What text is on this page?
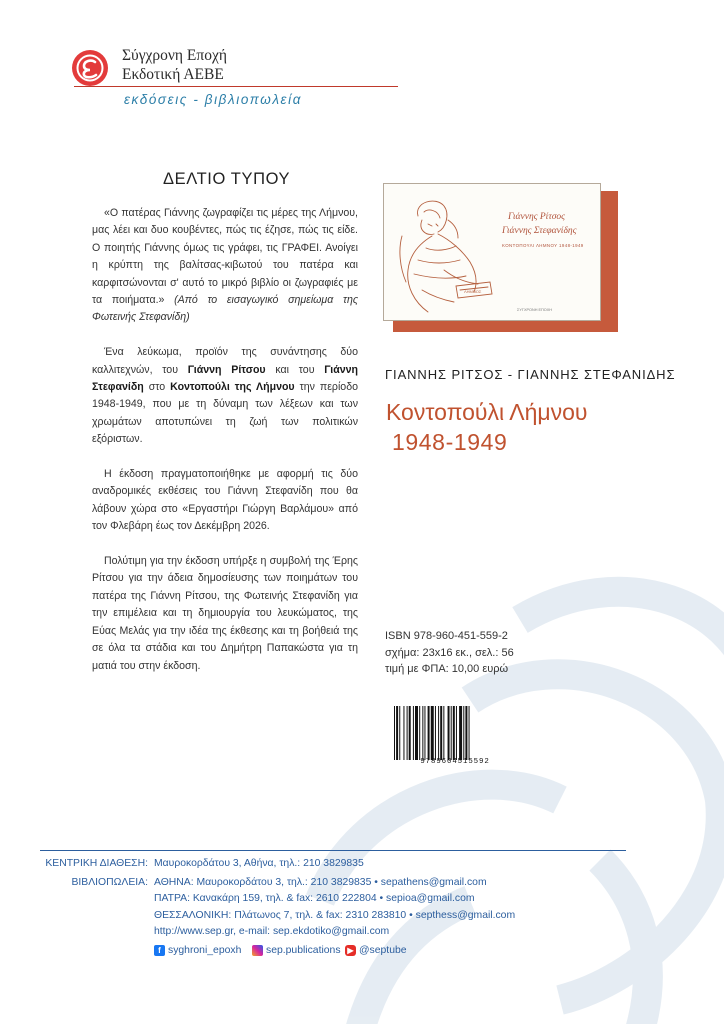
Σύγχρονη Εποχή
Εκδοτική ΑΕΒΕ
εκδόσεις - βιβλιοπωλεία
ΔΕΛΤΙΟ ΤΥΠΟΥ

«Ο πατέρας Γιάννης ζωγραφίζει τις μέρες της Λήμνου, μας λέει και δυο κουβέντες, πώς τις έζησε, πώς τις είδε. Ο ποιητής Γιάννης όμως τις γράφει, τις ΓΡΑΦΕΙ. Ανοίγει η κρύπτη της βαλίτσας-κιβωτού του πατέρα και καρφιτσώνονται σ' αυτό το μικρό βιβλίο οι ζωγραφιές με τα ποιήματα.» (Από το εισαγωγικό σημείωμα της Φωτεινής Στεφανίδη)

Ένα λεύκωμα, προϊόν της συνάντησης δύο καλλιτεχνών, του Γιάννη Ρίτσου και του Γιάννη Στεφανίδη στο Κοντοπούλι της Λήμνου την περίοδο 1948-1949, που με τη δύναμη των λέξεων και των χρωμάτων αποτυπώνει τη ζωή των πολιτικών εξόριστων.

Η έκδοση πραγματοποιήθηκε με αφορμή τις δύο αναδρομικές εκθέσεις του Γιάννη Στεφανίδη που θα λάβουν χώρα στο «Εργαστήρι Γιώργη Βαρλάμου» από τον Φλεβάρη έως τον Δεκέμβρη 2026.

Πολύτιμη για την έκδοση υπήρξε η συμβολή της Έρης Ρίτσου για την άδεια δημοσίευσης των ποιημάτων του πατέρα της Γιάννη Ρίτσου, της Φωτεινής Στεφανίδη για την επιμέλεια και τη δημιουργία του λευκώματος, της Εύας Μελάς για την ιδέα της έκθεσης και τη βοήθειά της σε όλα τα στάδια και του Δημήτρη Παπακώστα για τη ματιά του στην έκδοση.

ΛΗΜΝΟΣ
Γιάννης Ρίτσος
Γιάννης Στεφανίδης
ΚΟΝΤΟΠΟΥΛΙ ΛΗΜΝΟΥ 1948-1949
ΣΥΓΧΡΟΝΗ ΕΠΟΧΗ
ΓΙΑΝΝΗΣ ΡΙΤΣΟΣ - ΓΙΑΝΝΗΣ ΣΤΕΦΑΝΙΔΗΣ
Κοντοπούλι Λήμνου
1948-1949
ISBN 978-960-451-559-2
σχήμα: 23x16 εκ., σελ.: 56
τιμή με ΦΠΑ: 10,00 ευρώ
9789604515592
ΚΕΝΤΡΙΚΗ ΔΙΑΘΕΣΗ: Μαυροκορδάτου 3, Αθήνα, τηλ.: 210 3829835
ΒΙΒΛΙΟΠΩΛΕΙΑ: ΑΘΗΝΑ: Μαυροκορδάτου 3, τηλ.: 210 3829835 • sepathens@gmail.com
ΠΑΤΡΑ: Κανακάρη 159, τηλ. & fax: 2610 222804 • sepioa@gmail.com
ΘΕΣΣΑΛΟΝΙΚΗ: Πλάτωνος 7, τηλ. & fax: 2310 283810 • septhess@gmail.com
http://www.sep.gr, e-mail: sep.ekdotiko@gmail.com
f syghroni_epoxh sep.publications ▶ @septube
